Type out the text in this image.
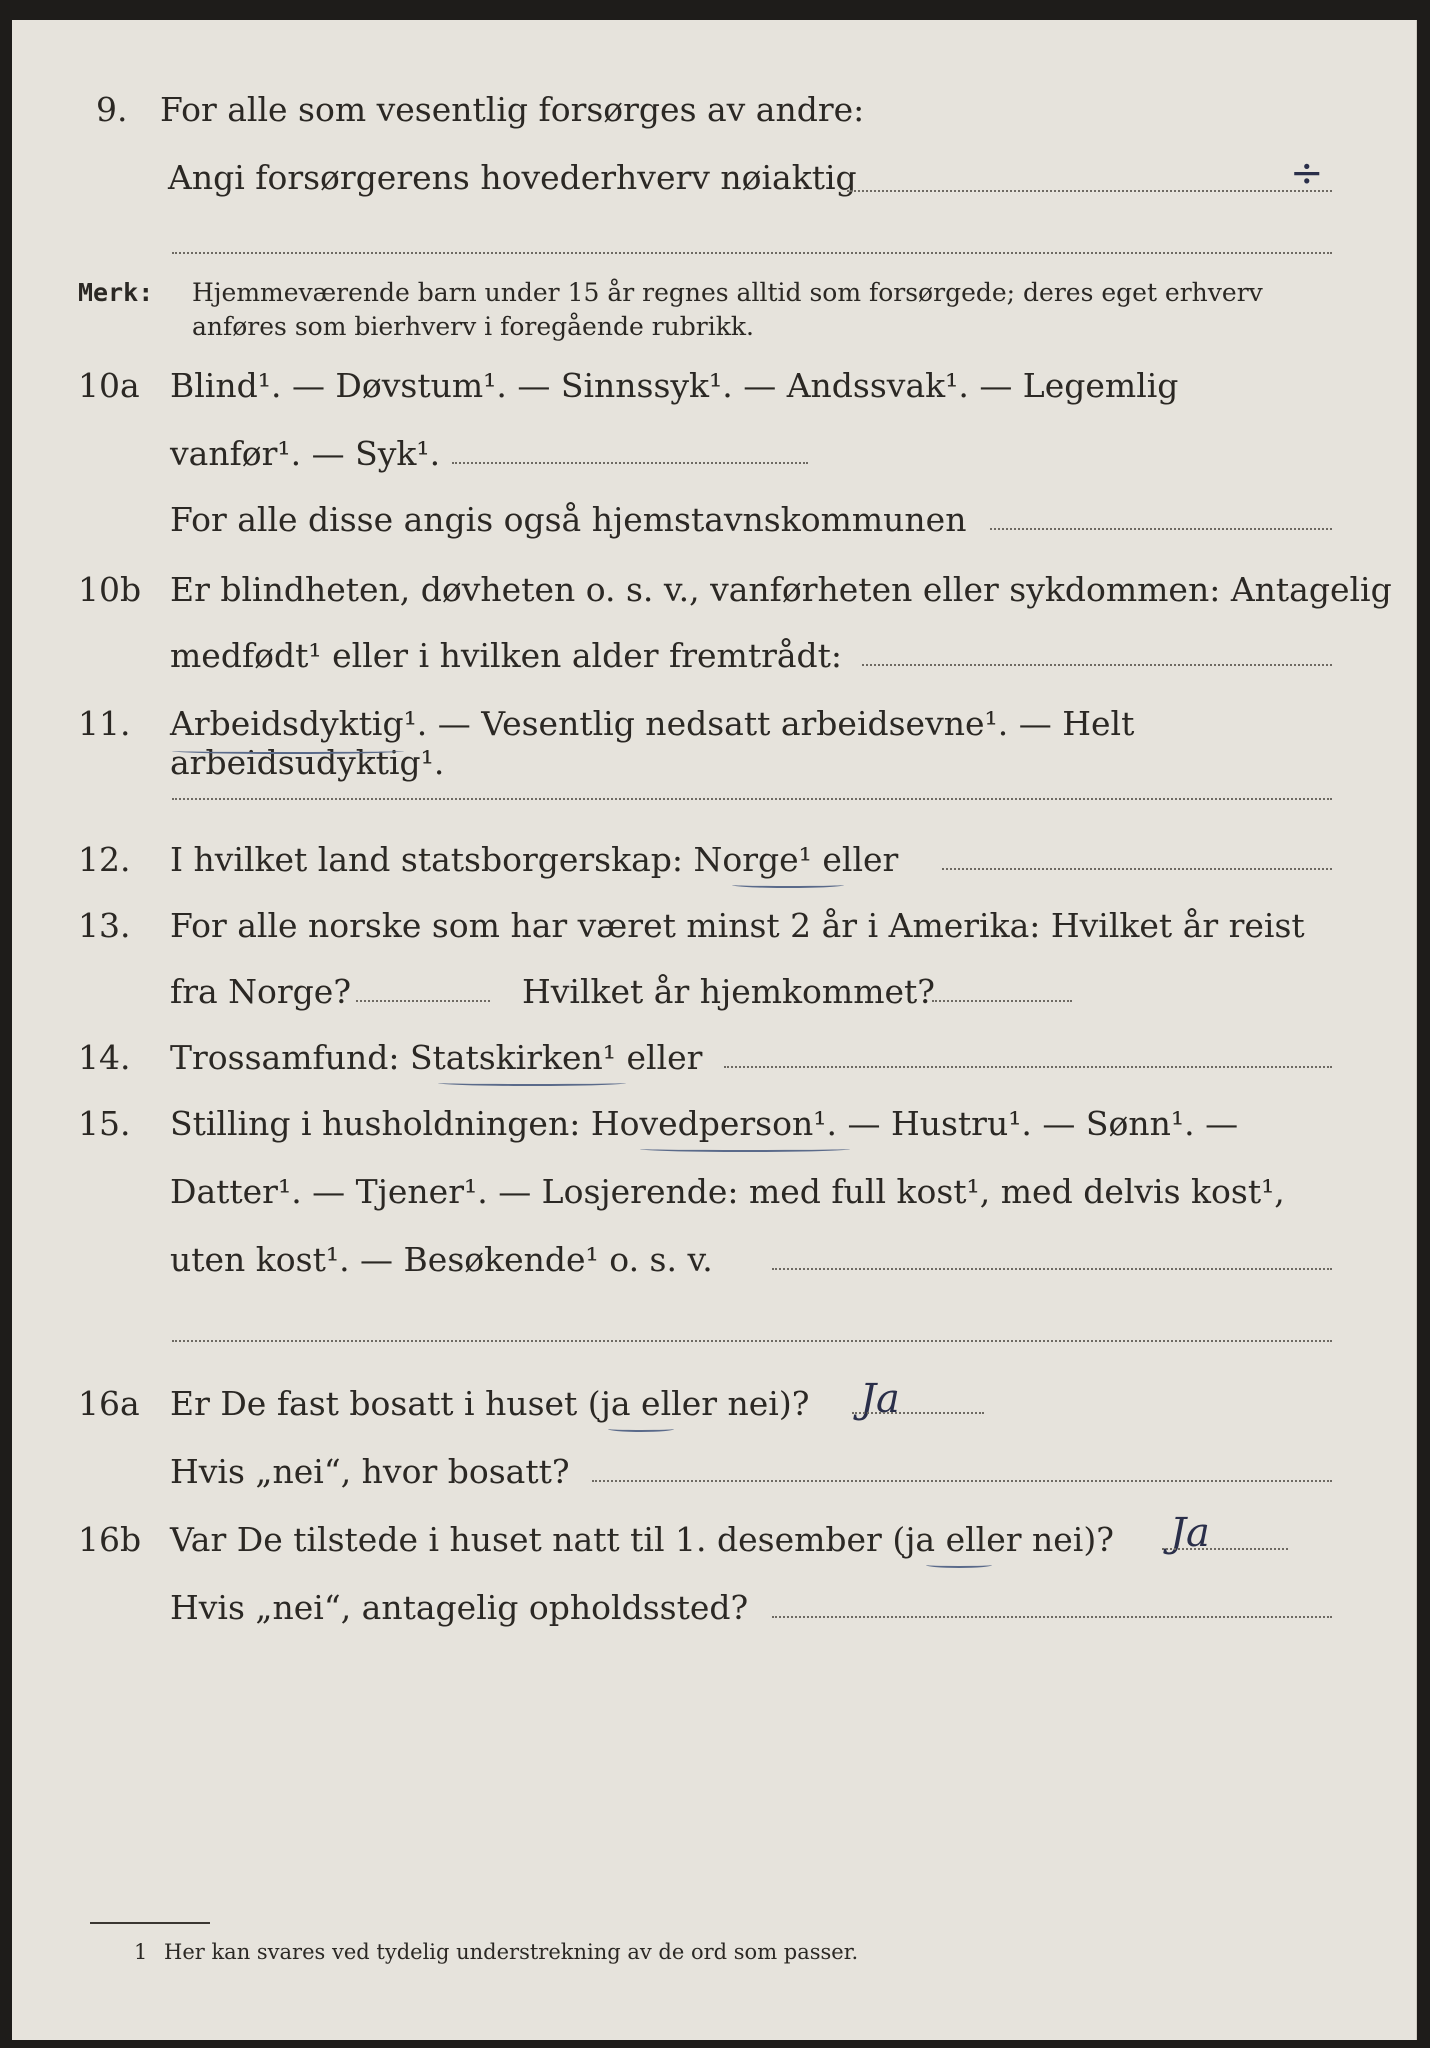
9. For alle som vesentlig forsørges av andre:
Angi forsørgerens hovederhverv nøiaktig	÷
Merk: Hjemmeværende barn under 15 år regnes alltid som forsørgede; deres eget erhverv
anføres som bierhverv i foregående rubrikk.
10a Blind¹. — Døvstum¹. — Sinnssyk¹. — Andssvak¹. — Legemlig
vanfør¹. — Syk¹.
For alle disse angis også hjemstavnskommunen
10b Er blindheten, døvheten o. s. v., vanførheten eller sykdommen: Antagelig
medfødt¹ eller i hvilken alder fremtrådt:
11. Arbeidsdyktig¹. — Vesentlig nedsatt arbeidsevne¹. — Helt arbeidsudyktig¹.
12. I hvilket land statsborgerskap: Norge¹ eller
13. For alle norske som har været minst 2 år i Amerika: Hvilket år reist
fra Norge?	Hvilket år hjemkommet?
14. Trossamfund: Statskirken¹ eller
15. Stilling i husholdningen: Hovedperson¹. — Hustru¹. — Sønn¹. —
Datter¹. — Tjener¹. — Losjerende: med full kost¹, med delvis kost¹,
uten kost¹. — Besøkende¹ o. s. v.
16a Er De fast bosatt i huset (ja eller nei)? Ja
Hvis „nei“, hvor bosatt?
16b Var De tilstede i huset natt til 1. desember (ja eller nei)? Ja
Hvis „nei“, antagelig opholdssted?
1 Her kan svares ved tydelig understrekning av de ord som passer.
